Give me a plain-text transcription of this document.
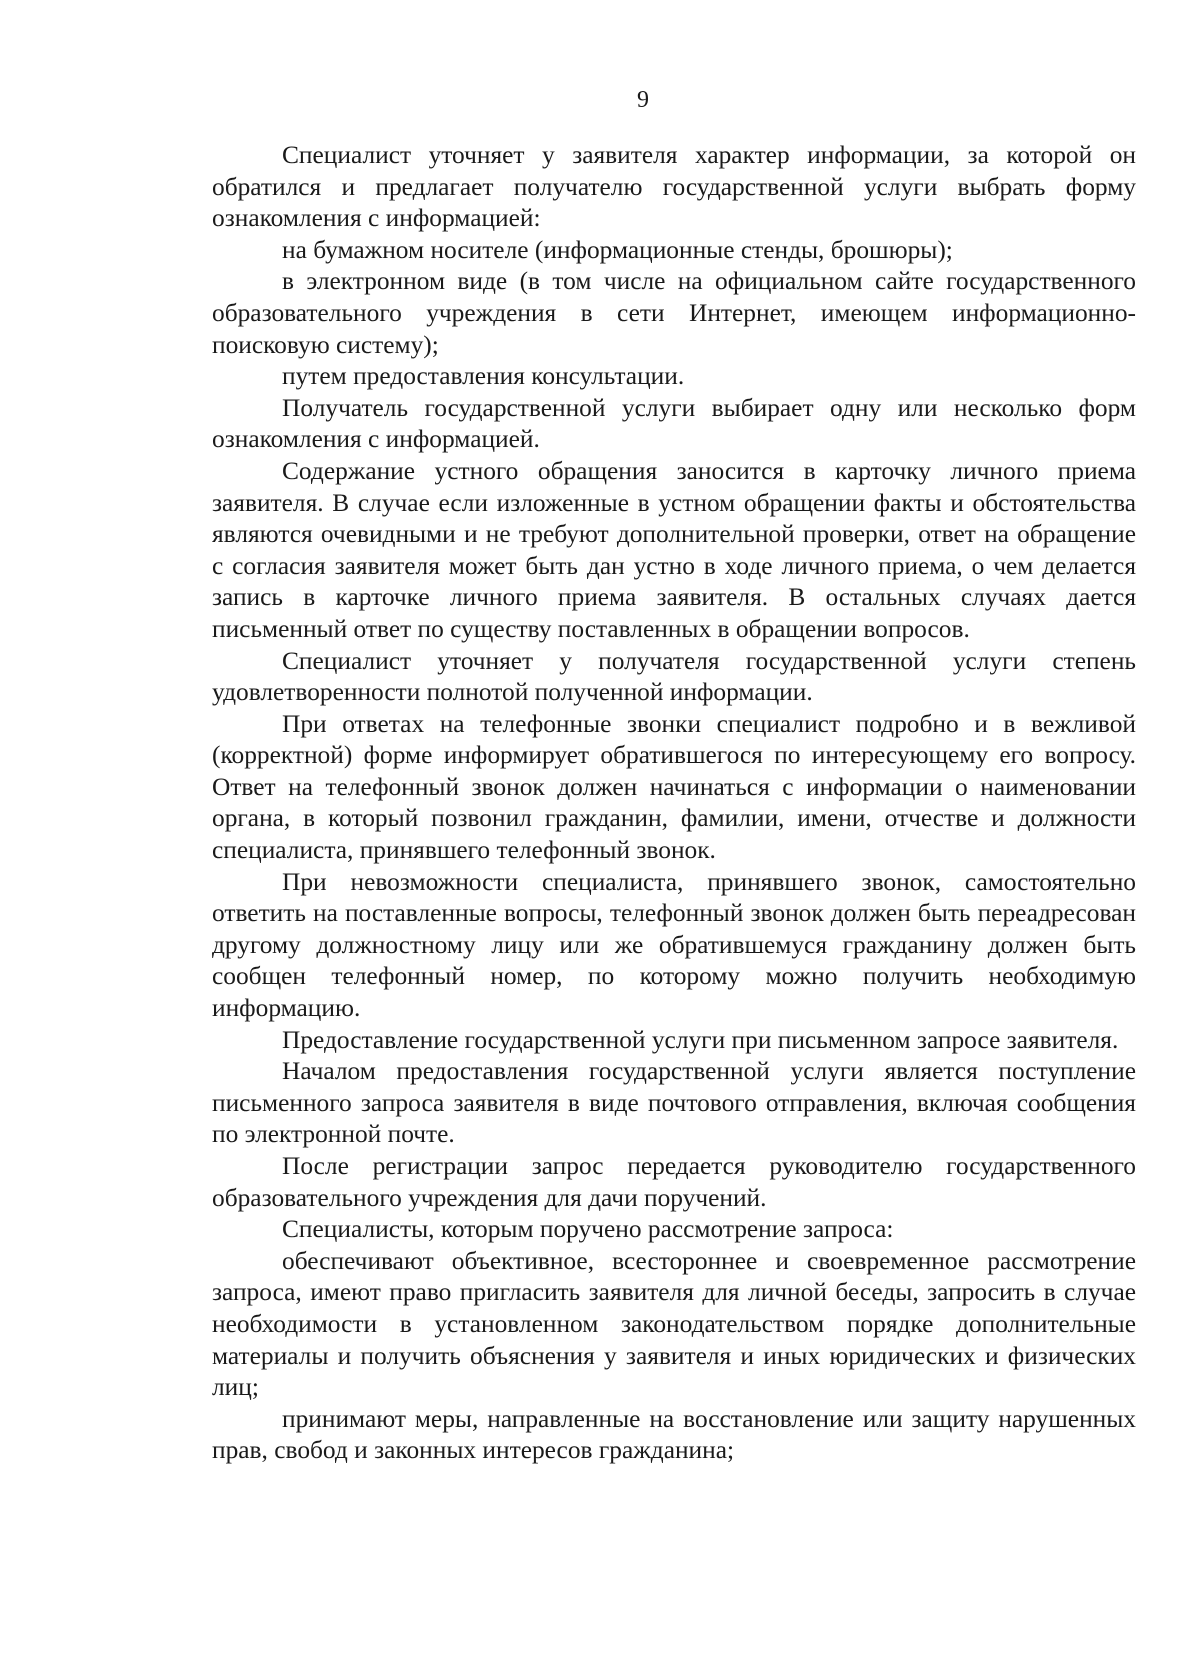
9

Специалист уточняет у заявителя характер информации, за которой он обратился и предлагает получателю государственной услуги выбрать форму ознакомления с информацией:

на бумажном носителе (информационные стенды, брошюры);

в электронном виде (в том числе на официальном сайте государственного образовательного учреждения в сети Интернет, имеющем информационно-поисковую систему);

путем предоставления консультации.

Получатель государственной услуги выбирает одну или несколько форм ознакомления с информацией.

Содержание устного обращения заносится в карточку личного приема заявителя. В случае если изложенные в устном обращении факты и обстоятельства являются очевидными и не требуют дополнительной проверки, ответ на обращение с согласия заявителя может быть дан устно в ходе личного приема, о чем делается запись в карточке личного приема заявителя. В остальных случаях дается письменный ответ по существу поставленных в обращении вопросов.

Специалист уточняет у получателя государственной услуги степень удовлетворенности полнотой полученной информации.

При ответах на телефонные звонки специалист подробно и в вежливой (корректной) форме информирует обратившегося по интересующему его вопросу. Ответ на телефонный звонок должен начинаться с информации о наименовании органа, в который позвонил гражданин, фамилии, имени, отчестве и должности специалиста, принявшего телефонный звонок.

При невозможности специалиста, принявшего звонок, самостоятельно ответить на поставленные вопросы, телефонный звонок должен быть переадресован другому должностному лицу или же обратившемуся гражданину должен быть сообщен телефонный номер, по которому можно получить необходимую информацию.

Предоставление государственной услуги при письменном запросе заявителя.

Началом предоставления государственной услуги является поступление письменного запроса заявителя в виде почтового отправления, включая сообщения по электронной почте.

После регистрации запрос передается руководителю государственного образовательного учреждения для дачи поручений.

Специалисты, которым поручено рассмотрение запроса:

обеспечивают объективное, всестороннее и своевременное рассмотрение запроса, имеют право пригласить заявителя для личной беседы, запросить в случае необходимости в установленном законодательством порядке дополнительные материалы и получить объяснения у заявителя и иных юридических и физических лиц;

принимают меры, направленные на восстановление или защиту нарушенных прав, свобод и законных интересов гражданина;
